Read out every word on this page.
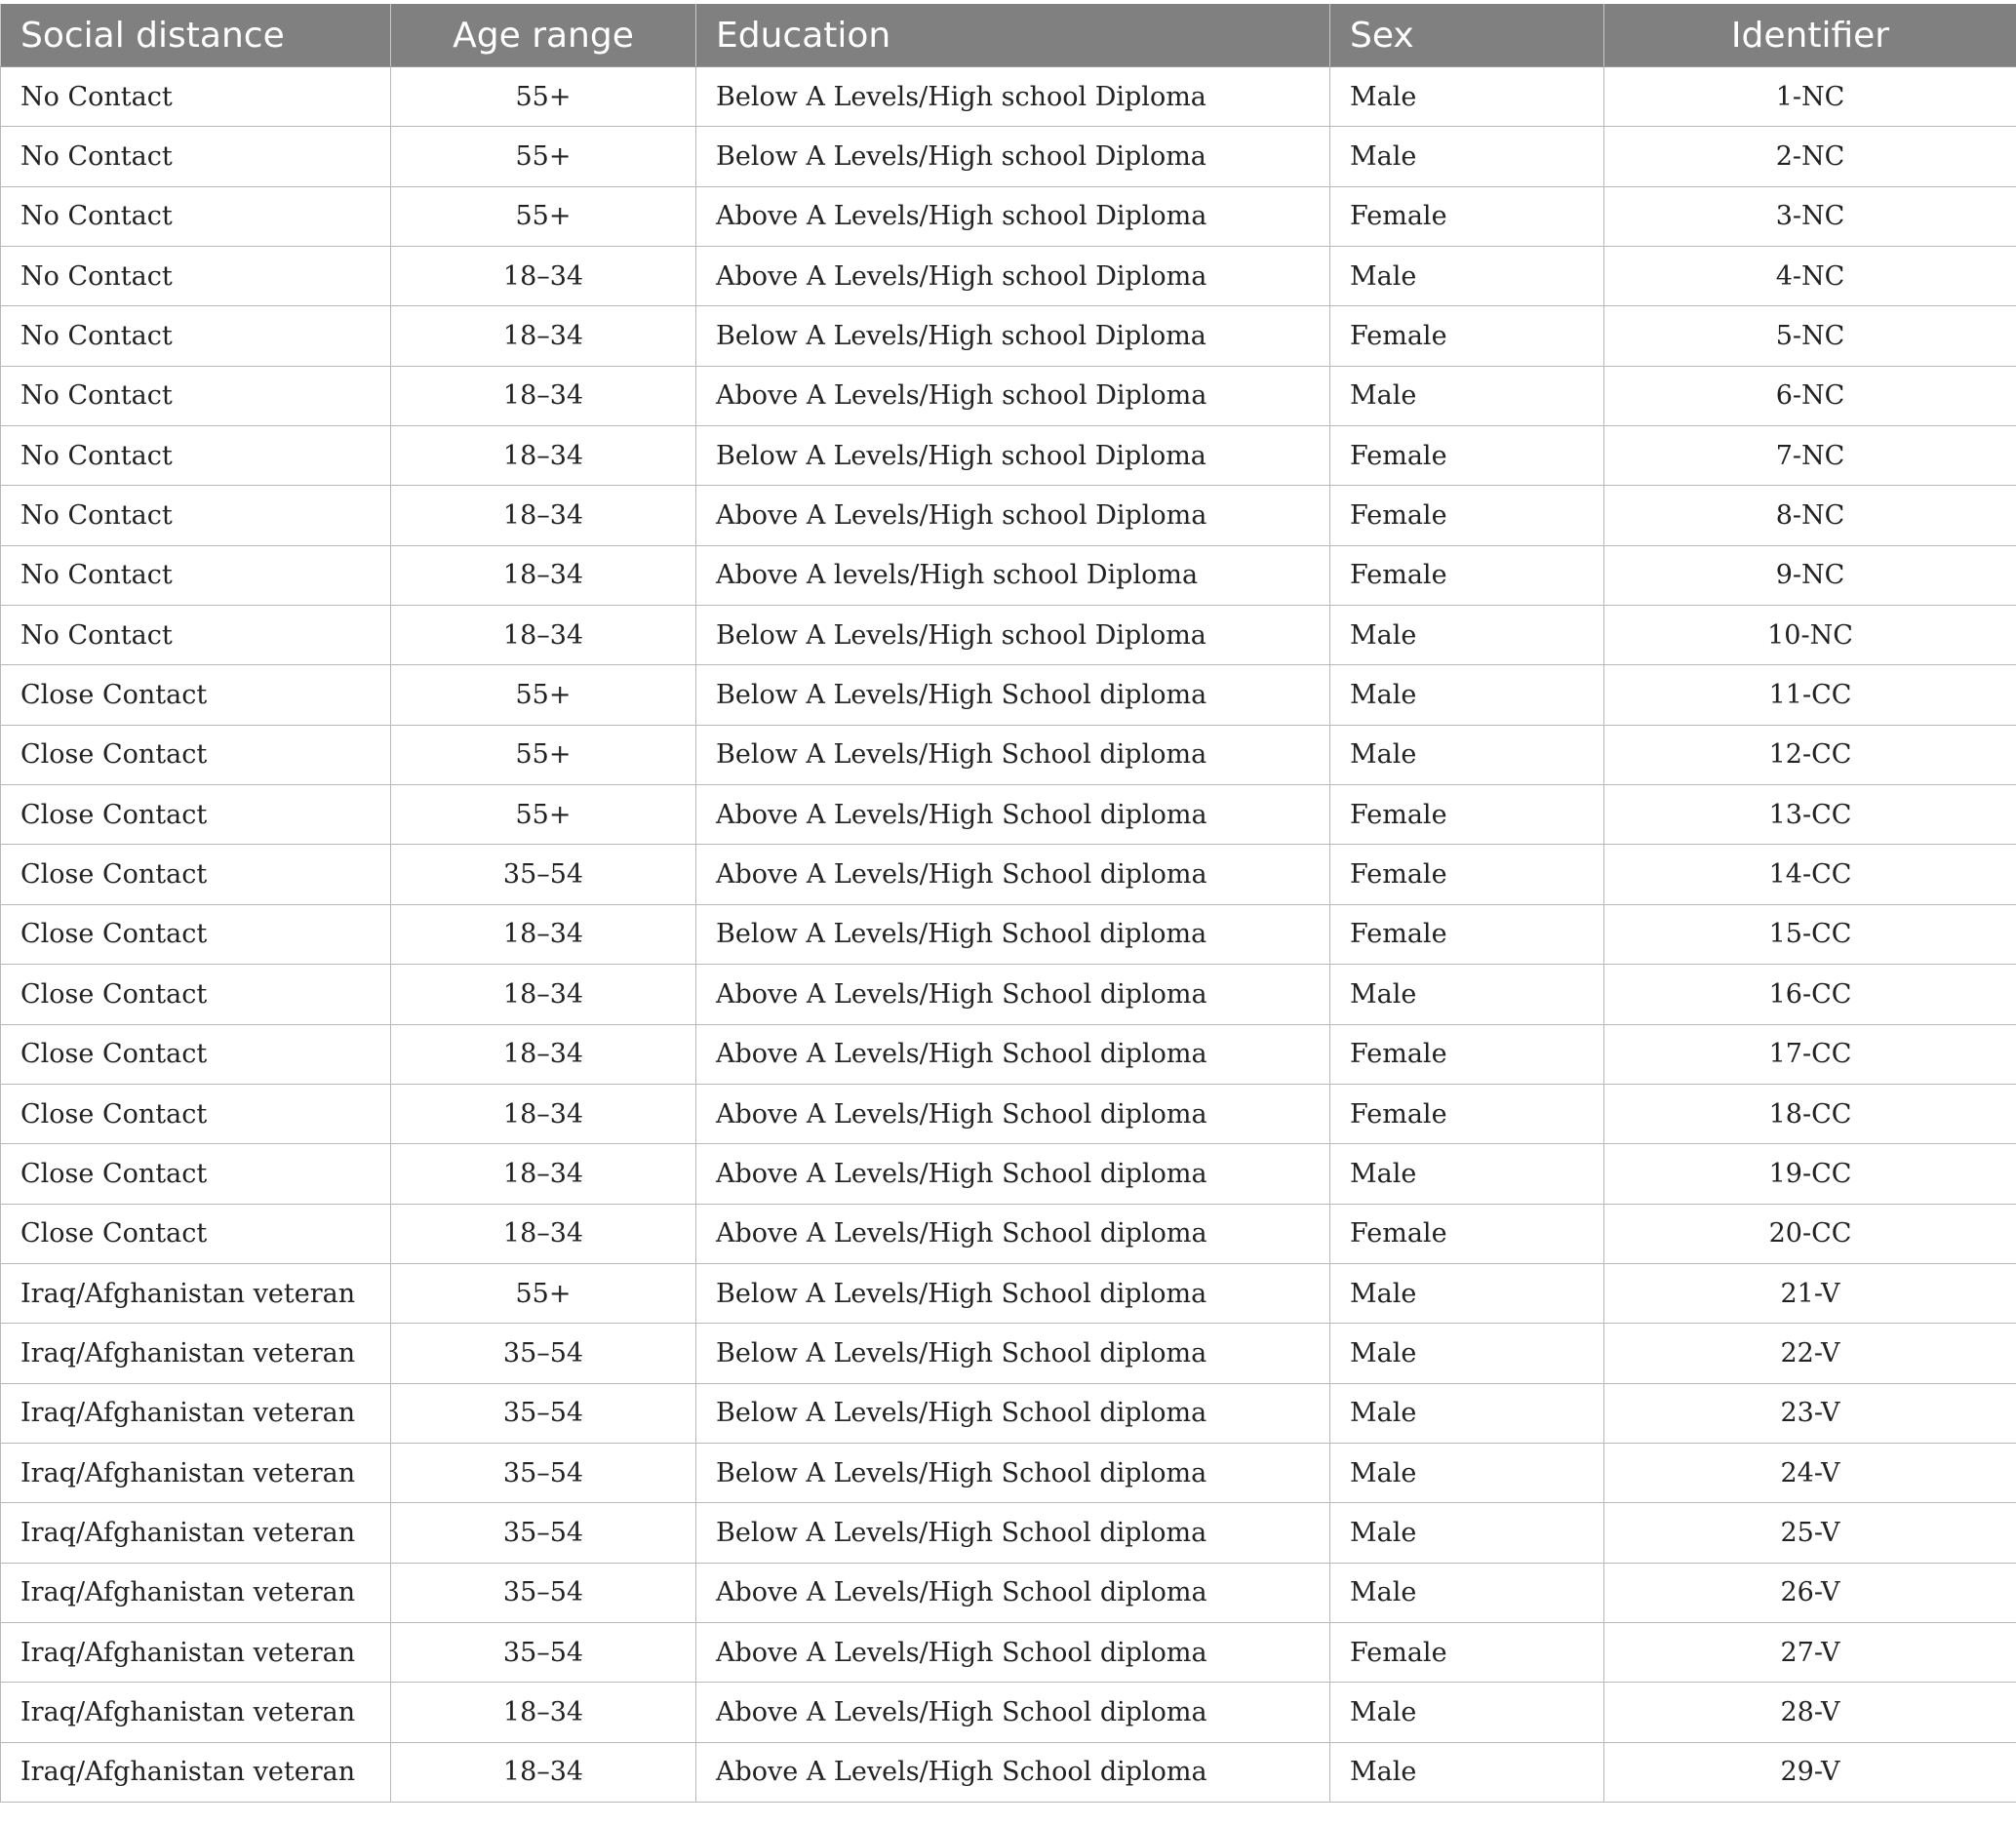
Social distance	Age range	Education	Sex	Identifier
No Contact	55+	Below A Levels/High school Diploma	Male	1-NC
No Contact	55+	Below A Levels/High school Diploma	Male	2-NC
No Contact	55+	Above A Levels/High school Diploma	Female	3-NC
No Contact	18–34	Above A Levels/High school Diploma	Male	4-NC
No Contact	18–34	Below A Levels/High school Diploma	Female	5-NC
No Contact	18–34	Above A Levels/High school Diploma	Male	6-NC
No Contact	18–34	Below A Levels/High school Diploma	Female	7-NC
No Contact	18–34	Above A Levels/High school Diploma	Female	8-NC
No Contact	18–34	Above A levels/High school Diploma	Female	9-NC
No Contact	18–34	Below A Levels/High school Diploma	Male	10-NC
Close Contact	55+	Below A Levels/High School diploma	Male	11-CC
Close Contact	55+	Below A Levels/High School diploma	Male	12-CC
Close Contact	55+	Above A Levels/High School diploma	Female	13-CC
Close Contact	35–54	Above A Levels/High School diploma	Female	14-CC
Close Contact	18–34	Below A Levels/High School diploma	Female	15-CC
Close Contact	18–34	Above A Levels/High School diploma	Male	16-CC
Close Contact	18–34	Above A Levels/High School diploma	Female	17-CC
Close Contact	18–34	Above A Levels/High School diploma	Female	18-CC
Close Contact	18–34	Above A Levels/High School diploma	Male	19-CC
Close Contact	18–34	Above A Levels/High School diploma	Female	20-CC
Iraq/Afghanistan veteran	55+	Below A Levels/High School diploma	Male	21-V
Iraq/Afghanistan veteran	35–54	Below A Levels/High School diploma	Male	22-V
Iraq/Afghanistan veteran	35–54	Below A Levels/High School diploma	Male	23-V
Iraq/Afghanistan veteran	35–54	Below A Levels/High School diploma	Male	24-V
Iraq/Afghanistan veteran	35–54	Below A Levels/High School diploma	Male	25-V
Iraq/Afghanistan veteran	35–54	Above A Levels/High School diploma	Male	26-V
Iraq/Afghanistan veteran	35–54	Above A Levels/High School diploma	Female	27-V
Iraq/Afghanistan veteran	18–34	Above A Levels/High School diploma	Male	28-V
Iraq/Afghanistan veteran	18–34	Above A Levels/High School diploma	Male	29-V
